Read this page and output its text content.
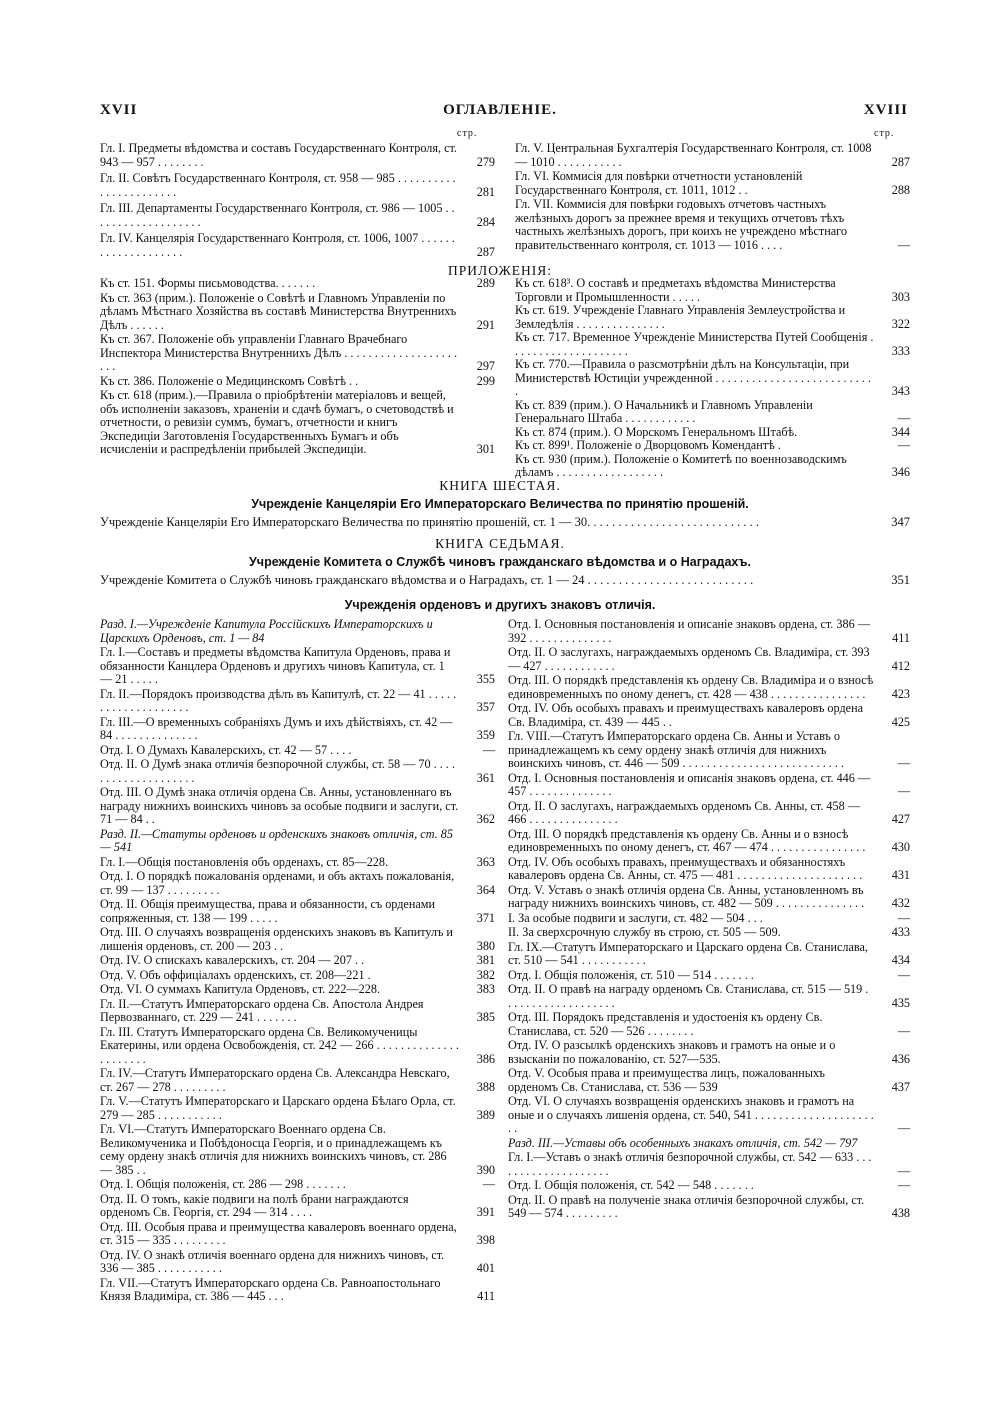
XVII	ОГЛАВЛЕНІЕ.	XVIII
стр.	стр.
Гл. I. Предметы вѣдомства и составъ Государственнаго Контроля, ст. 943 — 957 . . . . . . . .	279
Гл. II. Совѣтъ Государственнаго Контроля, ст. 958 — 985 . . . . . . . . . . . . . . . . . . . . . . .	281
Гл. III. Департаменты Государственнаго Контроля, ст. 986 — 1005 . . . . . . . . . . . . . . . . . . .	284
Гл. IV. Канцелярія Государственнаго Контроля, ст. 1006, 1007 . . . . . . . . . . . . . . . . . . . .	287
Гл. V. Центральная Бухгалтерія Государственнаго Контроля, ст. 1008 — 1010 . . . . . . . . . . .	287
Гл. VI. Коммисія для повѣрки отчетности установленій Государственнаго Контроля, ст. 1011, 1012 . .	288
Гл. VII. Коммисія для повѣрки годовыхъ отчетовъ частныхъ желѣзныхъ дорогъ за прежнее время и текущихъ отчетовъ тѣхъ частныхъ желѣзныхъ дорогъ, при коихъ не учреждено мѣстнаго правительственнаго контроля, ст. 1013 — 1016 . . . .	—
ПРИЛОЖЕНІЯ:
Къ ст. 151. Формы письмоводства. . . . . . .	289
Къ ст. 363 (прим.). Положеніе о Совѣтѣ и Главномъ Управленіи по дѣламъ Мѣстнаго Хозяйства въ составѣ Министерства Внутреннихъ Дѣлъ . . . . . .	291
Къ ст. 367. Положеніе объ управленіи Главнаго Врачебнаго Инспектора Министерства Внутреннихъ Дѣлъ . . . . . . . . . . . . . . . . . . . . . .	297
Къ ст. 386. Положеніе о Медицинскомъ Совѣтѣ . .	299
Къ ст. 618 (прим.).—Правила о пріобрѣтеніи матеріаловъ и вещей, объ исполненіи заказовъ, храненіи и сдачѣ бумагъ, о счетоводствѣ и отчетности, о ревизіи суммъ, бумагъ, отчетности и книгъ Экспедиціи Заготовленія Государственныхъ Бумагъ и объ исчисленіи и распредѣленіи прибылей Экспедиціи.	301
Къ ст. 618³. О составѣ и предметахъ вѣдомства Министерства Торговли и Промышленности . . . . .	303
Къ ст. 619. Учрежденіе Главнаго Управленія Землеустройства и Земледѣлія . . . . . . . . . . . . . . .	322
Къ ст. 717. Временное Учрежденіе Министерства Путей Сообщенія . . . . . . . . . . . . . . . . . . . .	333
Къ ст. 770.—Правила о разсмотрѣніи дѣлъ на Консультаціи, при Министерствѣ Юстиціи учрежденной . . . . . . . . . . . . . . . . . . . . . . . . . . .	343
Къ ст. 839 (прим.). О Начальникѣ и Главномъ Управленіи Генеральнаго Штаба . . . . . . . . . . . .	—
Къ ст. 874 (прим.). О Морскомъ Генеральномъ Штабѣ.	344
Къ ст. 899¹. Положеніе о Дворцовомъ Комендантѣ .	—
Къ ст. 930 (прим.). Положеніе о Комитетѣ по военнозаводскимъ дѣламъ . . . . . . . . . . . . . . . . . .	346
КНИГА ШЕСТАЯ.
Учрежденіе Канцеляріи Его Императорскаго Величества по принятію прошеній.
Учрежденіе Канцеляріи Его Императорскаго Величества по принятію прошеній, ст. 1 — 30. . . . . . . . . . . . . . . . . . . . . . . . . . . .	347
КНИГА СЕДЬМАЯ.
Учрежденіе Комитета о Службѣ чиновъ гражданскаго вѣдомства и о Наградахъ.
Учрежденіе Комитета о Службѣ чиновъ гражданскаго вѣдомства и о Наградахъ, ст. 1 — 24 . . . . . . . . . . . . . . . . . . . . . . . . . . .	351
Учрежденія орденовъ и другихъ знаковъ отличія.
Разд. I.—Учрежденіе Капитула Россійскихъ Императорскихъ и Царскихъ Орденовъ, ст. 1 — 84
Гл. I.—Составъ и предметы вѣдомства Капитула Орденовъ, права и обязанности Канцлера Орденовъ и другихъ чиновъ Капитула, ст. 1 — 21 . . . . .	355
Гл. II.—Порядокъ производства дѣлъ въ Капитулѣ, ст. 22 — 41 . . . . . . . . . . . . . . . . . . . .	357
Гл. III.—О временныхъ собраніяхъ Думъ и ихъ дѣйствіяхъ, ст. 42 — 84 . . . . . . . . . . . . . .	359
Отд. I. О Думахъ Кавалерскихъ, ст. 42 — 57 . . . .	—
Отд. II. О Думѣ знака отличія безпорочной службы, ст. 58 — 70 . . . . . . . . . . . . . . . . . . . .	361
Отд. III. О Думѣ знака отличія ордена Св. Анны, установленнаго въ награду нижнихъ воинскихъ чиновъ за особые подвиги и заслуги, ст. 71 — 84 . .	362
Разд. II.—Статуты орденовъ и орденскихъ знаковъ отличія, ст. 85 — 541
Гл. I.—Общія постановленія объ орденахъ, ст. 85—228.	363
Отд. I. О порядкѣ пожалованія орденами, и объ актахъ пожалованія, ст. 99 — 137 . . . . . . . . .	364
Отд. II. Общія преимущества, права и обязанности, съ орденами сопряженныя, ст. 138 — 199 . . . . .	371
Отд. III. О случаяхъ возвращенія орденскихъ знаковъ въ Капитулъ и лишенія орденовъ, ст. 200 — 203 . .	380
Отд. IV. О спискахъ кавалерскихъ, ст. 204 — 207 . .	381
Отд. V. Объ оффиціалахъ орденскихъ, ст. 208—221 .	382
Отд. VI. О суммахъ Капитула Орденовъ, ст. 222—228.	383
Гл. II.—Статутъ Императорскаго ордена Св. Апостола Андрея Первозваннаго, ст. 229 — 241 . . . . . . .	385
Гл. III. Статутъ Императорскаго ордена Св. Великомученицы Екатерины, или ордена Освобожденія, ст. 242 — 266 . . . . . . . . . . . . . . . . . . . . . .	386
Гл. IV.—Статутъ Императорскаго ордена Св. Александра Невскаго, ст. 267 — 278 . . . . . . . . .	388
Гл. V.—Статутъ Императорскаго и Царскаго ордена Бѣлаго Орла, ст. 279 — 285 . . . . . . . . . . .	389
Гл. VI.—Статутъ Императорскаго Военнаго ордена Св. Великомученика и Побѣдоносца Георгія, и о принадлежащемъ къ сему ордену знакѣ отличія для нижнихъ воинскихъ чиновъ, ст. 286 — 385 . .	390
Отд. I. Общія положенія, ст. 286 — 298 . . . . . . .	—
Отд. II. О томъ, какіе подвиги на полѣ брани награждаются орденомъ Св. Георгія, ст. 294 — 314 . . . .	391
Отд. III. Особыя права и преимущества кавалеровъ военнаго ордена, ст. 315 — 335 . . . . . . . . .	398
Отд. IV. О знакѣ отличія военнаго ордена для нижнихъ чиновъ, ст. 336 — 385 . . . . . . . . . . .	401
Гл. VII.—Статутъ Императорскаго ордена Св. Равноапостольнаго Князя Владиміра, ст. 386 — 445 . . .	411
Отд. I. Основныя постановленія и описаніе знаковъ ордена, ст. 386 — 392 . . . . . . . . . . . . . .	411
Отд. II. О заслугахъ, награждаемыхъ орденомъ Св. Владиміра, ст. 393 — 427 . . . . . . . . . . . .	412
Отд. III. О порядкѣ представленія къ ордену Св. Владиміра и о взносѣ единовременныхъ по оному денегъ, ст. 428 — 438 . . . . . . . . . . . . . . . .	423
Отд. IV. Объ особыхъ правахъ и преимуществахъ кавалеровъ ордена Св. Владиміра, ст. 439 — 445 . .	425
Гл. VIII.—Статутъ Императорскаго ордена Св. Анны и Уставъ о принадлежащемъ къ сему ордену знакѣ отличія для нижнихъ воинскихъ чиновъ, ст. 446 — 509 . . . . . . . . . . . . . . . . . . . . . . . . . . .	—
Отд. I. Основныя постановленія и описанія знаковъ ордена, ст. 446 — 457 . . . . . . . . . . . . . .	—
Отд. II. О заслугахъ, награждаемыхъ орденомъ Св. Анны, ст. 458 — 466 . . . . . . . . . . . . . . .	427
Отд. III. О порядкѣ представленія къ ордену Св. Анны и о взносѣ единовременныхъ по оному денегъ, ст. 467 — 474 . . . . . . . . . . . . . . . .	430
Отд. IV. Объ особыхъ правахъ, преимуществахъ и обязанностяхъ кавалеровъ ордена Св. Анны, ст. 475 — 481 . . . . . . . . . . . . . . . . . . . . .	431
Отд. V. Уставъ о знакѣ отличія ордена Св. Анны, установленномъ въ награду нижнихъ воинскихъ чиновъ, ст. 482 — 509 . . . . . . . . . . . . . . .	432
I. За особые подвиги и заслуги, ст. 482 — 504 . . .	—
II. За сверхсрочную службу въ строю, ст. 505 — 509.	433
Гл. IX.—Статутъ Императорскаго и Царскаго ордена Св. Станислава, ст. 510 — 541 . . . . . . . . . . .	434
Отд. I. Общія положенія, ст. 510 — 514 . . . . . . .	—
Отд. II. О правѣ на награду орденомъ Св. Станислава, ст. 515 — 519 . . . . . . . . . . . . . . . . . . .	435
Отд. III. Порядокъ представленія и удостоенія къ ордену Св. Станислава, ст. 520 — 526 . . . . . . . .	—
Отд. IV. О разсылкѣ орденскихъ знаковъ и грамотъ на оные и о взысканіи по пожалованію, ст. 527—535.	436
Отд. V. Особыя права и преимущества лицъ, пожалованныхъ орденомъ Св. Станислава, ст. 536 — 539	437
Отд. VI. О случаяхъ возвращенія орденскихъ знаковъ и грамотъ на оные и о случаяхъ лишенія ордена, ст. 540, 541 . . . . . . . . . . . . . . . . . . . . . .	—
Разд. III.—Уставы объ особенныхъ знакахъ отличія, ст. 542 — 797
Гл. I.—Уставъ о знакѣ отличія безпорочной службы, ст. 542 — 633 . . . . . . . . . . . . . . . . . . . .	—
Отд. I. Общія положенія, ст. 542 — 548 . . . . . . .	—
Отд. II. О правѣ на полученіе знака отличія безпорочной службы, ст. 549 — 574 . . . . . . . . .	438
